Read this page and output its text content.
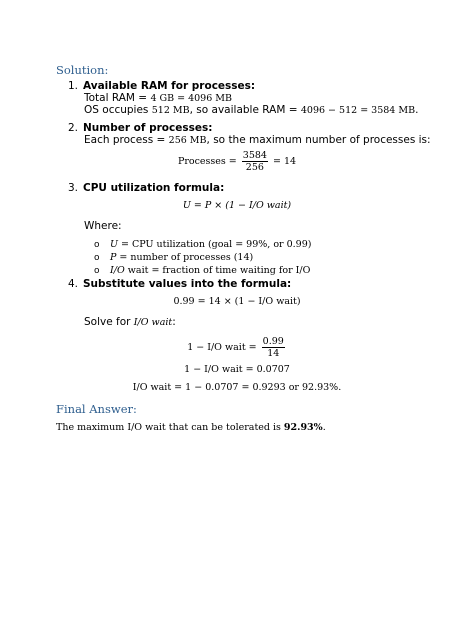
Solution:
1. Available RAM for processes:
Total RAM = 4 GB = 4096 MB
OS occupies 512 MB, so available RAM = 4096 − 512 = 3584 MB.
2. Number of processes:
Each process = 256 MB, so the maximum number of processes is:
Processes = $\frac{3584}{256} = 14$
3. CPU utilization formula:
U = P × (1 − I/O wait)
Where:
o U = CPU utilization (goal = 99%, or 0.99)
o P = number of processes (14)
o I/O wait = fraction of time waiting for I/O
4. Substitute values into the formula:
0.99 = 14 × (1 − I/O wait)
Solve for I/O wait:
1 − I/O wait = $\frac{0.99}{14}$
1 − I/O wait = 0.0707
I/O wait = 1 − 0.0707 = 0.9293 or 92.93%.
Final Answer:
The maximum I/O wait that can be tolerated is 92.93%.
